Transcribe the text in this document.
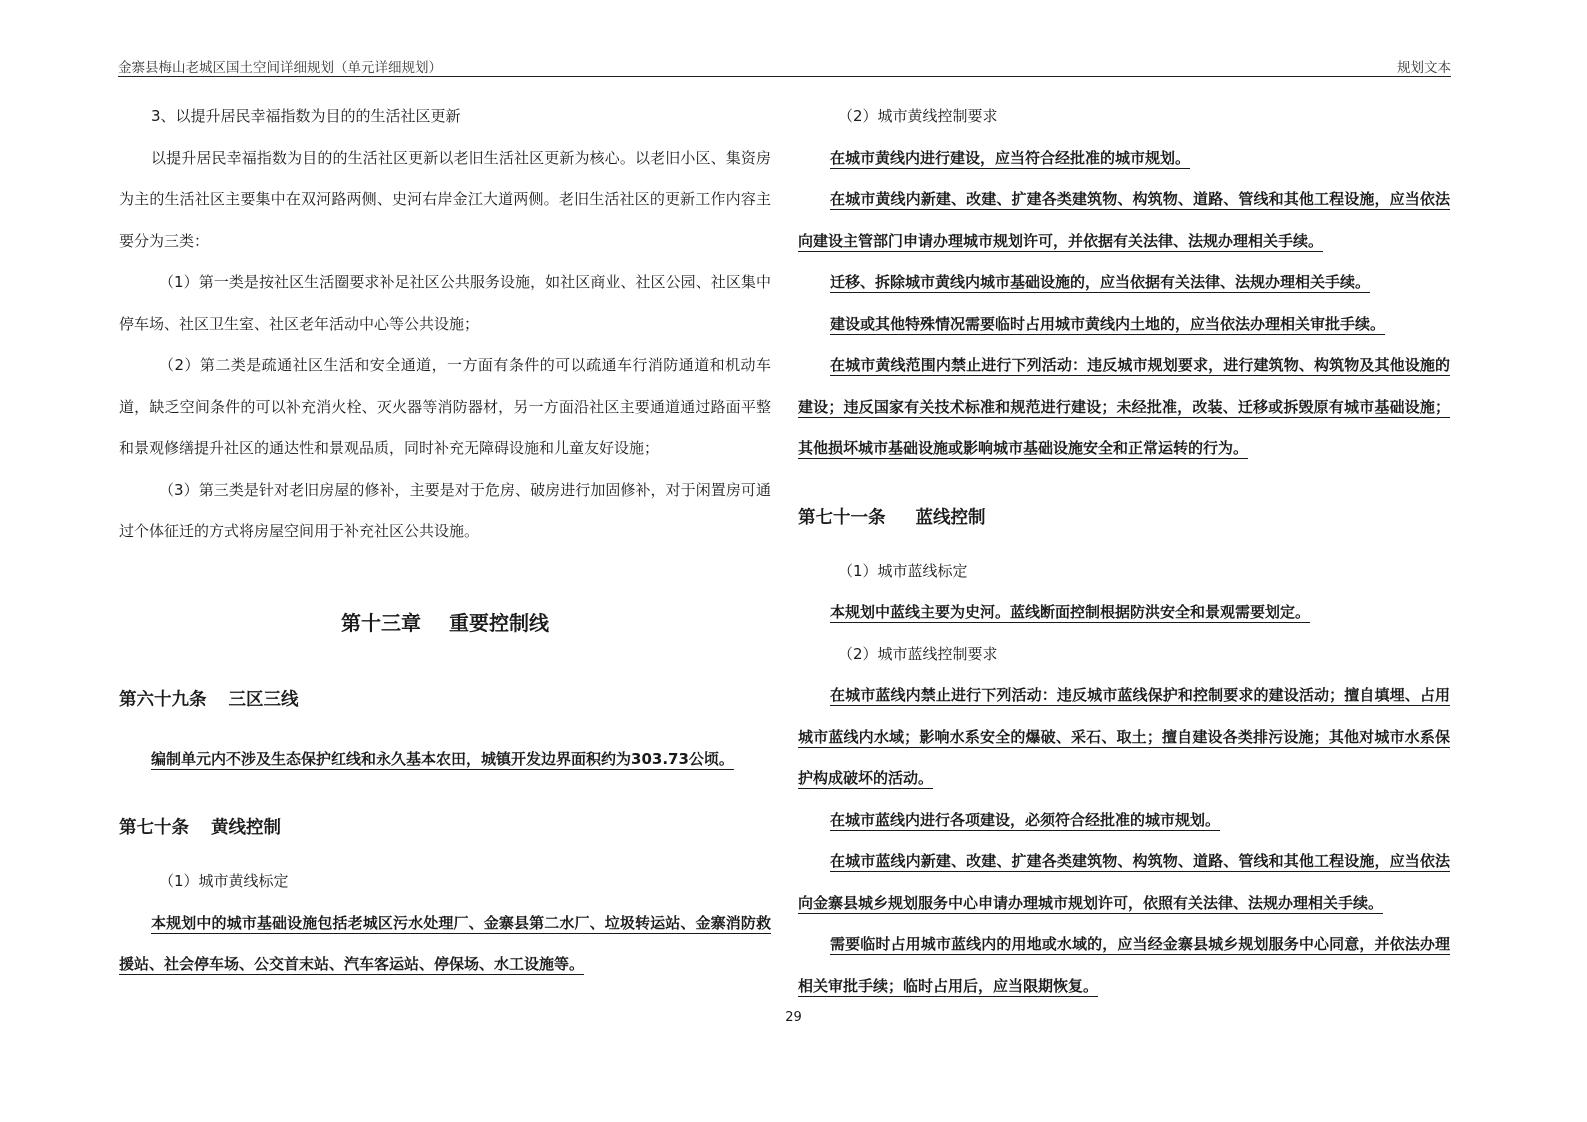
金寨县梅山老城区国土空间详细规划（单元详细规划）	规划文本

3、以提升居民幸福指数为目的的生活社区更新

以提升居民幸福指数为目的的生活社区更新以老旧生活社区更新为核心。以老旧小区、集资房为主的生活社区主要集中在双河路两侧、史河右岸金江大道两侧。老旧生活社区的更新工作内容主要分为三类：

（1）第一类是按社区生活圈要求补足社区公共服务设施，如社区商业、社区公园、社区集中停车场、社区卫生室、社区老年活动中心等公共设施；

（2）第二类是疏通社区生活和安全通道，一方面有条件的可以疏通车行消防通道和机动车道，缺乏空间条件的可以补充消火栓、灭火器等消防器材，另一方面沿社区主要通道通过路面平整和景观修缮提升社区的通达性和景观品质，同时补充无障碍设施和儿童友好设施；

（3）第三类是针对老旧房屋的修补，主要是对于危房、破房进行加固修补，对于闲置房可通过个体征迁的方式将房屋空间用于补充社区公共设施。

第十三章 重要控制线

第六十九条 三区三线

编制单元内不涉及生态保护红线和永久基本农田，城镇开发边界面积约为303.73公顷。

第七十条 黄线控制

（1）城市黄线标定

本规划中的城市基础设施包括老城区污水处理厂、金寨县第二水厂、垃圾转运站、金寨消防救援站、社会停车场、公交首末站、汽车客运站、停保场、水工设施等。

（2）城市黄线控制要求

在城市黄线内进行建设，应当符合经批准的城市规划。

在城市黄线内新建、改建、扩建各类建筑物、构筑物、道路、管线和其他工程设施，应当依法向建设主管部门申请办理城市规划许可，并依据有关法律、法规办理相关手续。

迁移、拆除城市黄线内城市基础设施的，应当依据有关法律、法规办理相关手续。

建设或其他特殊情况需要临时占用城市黄线内土地的，应当依法办理相关审批手续。

在城市黄线范围内禁止进行下列活动：违反城市规划要求，进行建筑物、构筑物及其他设施的建设；违反国家有关技术标准和规范进行建设；未经批准，改装、迁移或拆毁原有城市基础设施；其他损坏城市基础设施或影响城市基础设施安全和正常运转的行为。

第七十一条 蓝线控制

（1）城市蓝线标定

本规划中蓝线主要为史河。蓝线断面控制根据防洪安全和景观需要划定。

（2）城市蓝线控制要求

在城市蓝线内禁止进行下列活动：违反城市蓝线保护和控制要求的建设活动；擅自填埋、占用城市蓝线内水域；影响水系安全的爆破、采石、取土；擅自建设各类排污设施；其他对城市水系保护构成破坏的活动。

在城市蓝线内进行各项建设，必须符合经批准的城市规划。

在城市蓝线内新建、改建、扩建各类建筑物、构筑物、道路、管线和其他工程设施，应当依法向金寨县城乡规划服务中心申请办理城市规划许可，依照有关法律、法规办理相关手续。

需要临时占用城市蓝线内的用地或水域的，应当经金寨县城乡规划服务中心同意，并依法办理相关审批手续；临时占用后，应当限期恢复。

29
